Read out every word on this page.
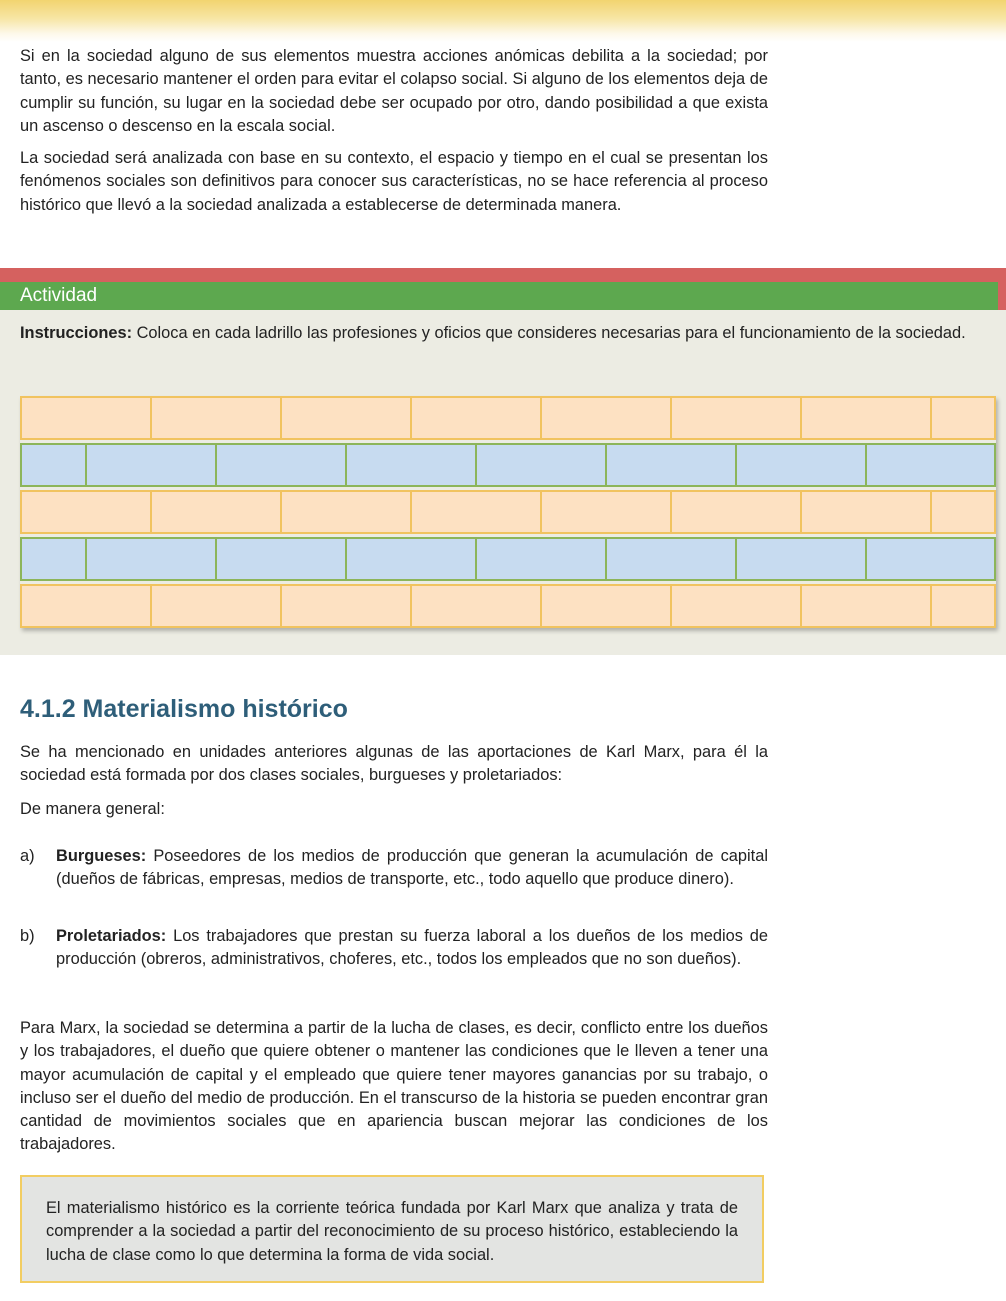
Si en la sociedad alguno de sus elementos muestra acciones anómicas debilita a la sociedad; por tanto, es necesario mantener el orden para evitar el colapso social. Si alguno de los elementos deja de cumplir su función, su lugar en la sociedad debe ser ocupado por otro, dando posibilidad a que exista un ascenso o descenso en la escala social.

La sociedad será analizada con base en su contexto, el espacio y tiempo en el cual se presentan los fenómenos sociales son definitivos para conocer sus características, no se hace referencia al proceso histórico que llevó a la sociedad analizada a establecerse de determinada manera.

Actividad

Instrucciones: Coloca en cada ladrillo las profesiones y oficios que consideres necesarias para el funcionamiento de la sociedad.

4.1.2 Materialismo histórico

Se ha mencionado en unidades anteriores algunas de las aportaciones de Karl Marx, para él la sociedad está formada por dos clases sociales, burgueses y proletariados:

De manera general:

a) Burgueses: Poseedores de los medios de producción que generan la acumulación de capital (dueños de fábricas, empresas, medios de transporte, etc., todo aquello que produce dinero).
b) Proletariados: Los trabajadores que prestan su fuerza laboral a los dueños de los medios de producción (obreros, administrativos, choferes, etc., todos los empleados que no son dueños).

Para Marx, la sociedad se determina a partir de la lucha de clases, es decir, conflicto entre los dueños y los trabajadores, el dueño que quiere obtener o mantener las condiciones que le lleven a tener una mayor acumulación de capital y el empleado que quiere tener mayores ganancias por su trabajo, o incluso ser el dueño del medio de producción. En el transcurso de la historia se pueden encontrar gran cantidad de movimientos sociales que en apariencia buscan mejorar las condiciones de los trabajadores.

El materialismo histórico es la corriente teórica fundada por Karl Marx que analiza y trata de comprender a la sociedad a partir del reconocimiento de su proceso histórico, estableciendo la lucha de clase como lo que determina la forma de vida social.
